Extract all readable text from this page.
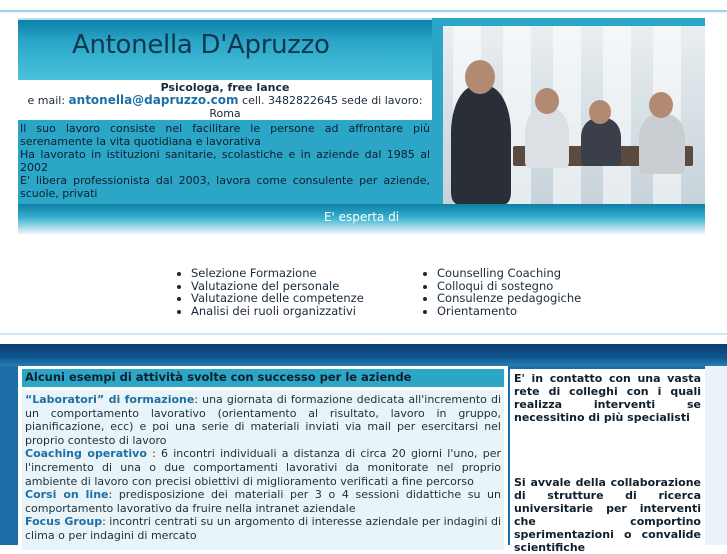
Antonella D'Apruzzo
Psicologa, free lance
e mail: antonella@dapruzzo.com cell. 3482822645 sede di lavoro: Roma

Il suo lavoro consiste nel facilitare le persone ad affrontare più serenamente la vita quotidiana e lavorativa

Ha lavorato in istituzioni sanitarie, scolastiche e in aziende dal 1985 al 2002

E' libera professionista dal 2003, lavora come consulente per aziende, scuole, privati

E' esperta di
• Selezione Formazione
• Valutazione del personale
• Valutazione delle competenze
• Analisi dei ruoli organizzativi
• Counselling Coaching
• Colloqui di sostegno
• Consulenze pedagogiche
• Orientamento
Alcuni esempi di attività svolte con successo per le aziende

“Laboratori” di formazione: una giornata di formazione dedicata all'incremento di un comportamento lavorativo (orientamento al risultato, lavoro in gruppo, pianificazione, ecc) e poi una serie di materiali inviati via mail per esercitarsi nel proprio contesto di lavoro

Coaching operativo : 6 incontri individuali a distanza di circa 20 giorni l'uno, per l'incremento di una o due comportamenti lavorativi da monitorate nel proprio ambiente di lavoro con precisi obiettivi di miglioramento verificati a fine percorso

Corsi on line: predisposizione dei materiali per 3 o 4 sessioni didattiche su un comportamento lavorativo da fruire nella intranet aziendale

Focus Group: incontri centrati su un argomento di interesse aziendale per indagini di clima o per indagini di mercato

E' in contatto con una vasta rete di colleghi con i quali realizza interventi se necessitino di più specialisti

Si avvale della collaborazione di strutture di ricerca universitarie per interventi che comportino sperimentazioni o convalide scientifiche
